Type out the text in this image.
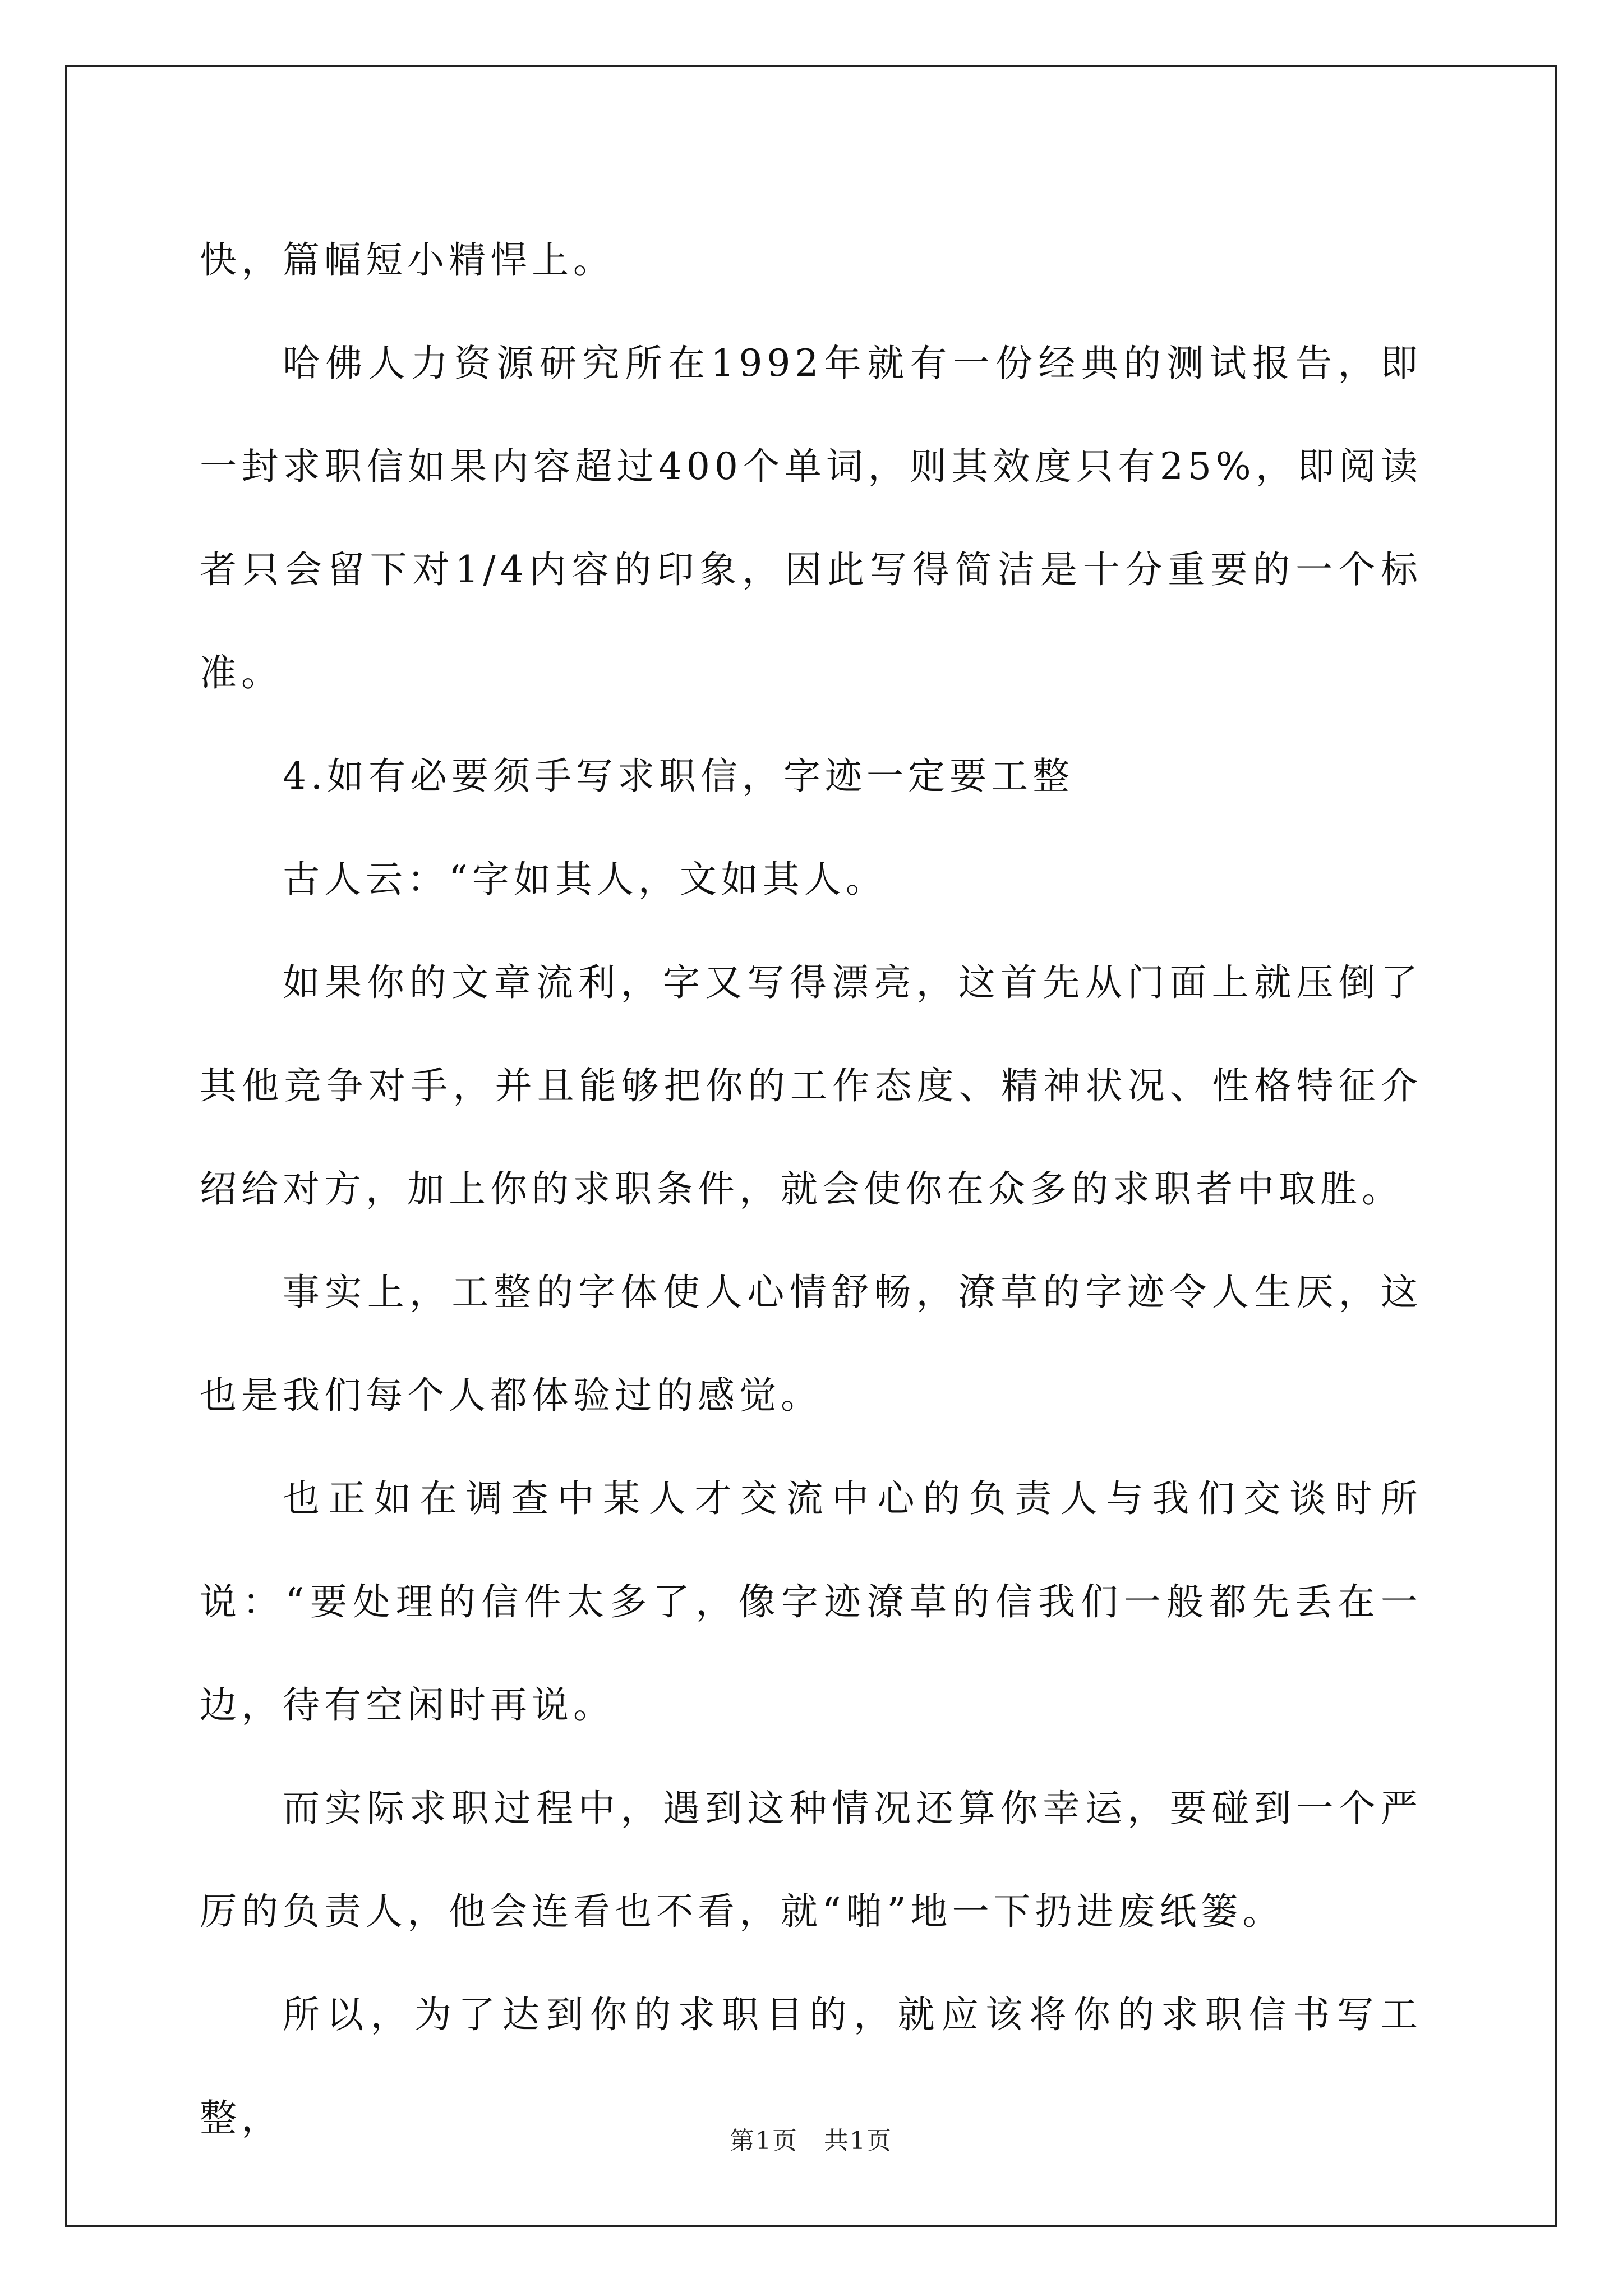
快，篇幅短小精悍上。

哈佛人力资源研究所在1992年就有一份经典的测试报告，即一封求职信如果内容超过400个单词，则其效度只有25%，即阅读者只会留下对1/4内容的印象，因此写得简洁是十分重要的一个标准。

4.如有必要须手写求职信，字迹一定要工整

古人云：“字如其人，文如其人。

如果你的文章流利，字又写得漂亮，这首先从门面上就压倒了其他竞争对手，并且能够把你的工作态度、精神状况、性格特征介绍给对方，加上你的求职条件，就会使你在众多的求职者中取胜。

事实上，工整的字体使人心情舒畅，潦草的字迹令人生厌，这也是我们每个人都体验过的感觉。

也正如在调查中某人才交流中心的负责人与我们交谈时所说：“要处理的信件太多了，像字迹潦草的信我们一般都先丢在一边，待有空闲时再说。

而实际求职过程中，遇到这种情况还算你幸运，要碰到一个严厉的负责人，他会连看也不看，就“啪”地一下扔进废纸篓。

所以，为了达到你的求职目的，就应该将你的求职信书写工整，

第1页　共1页
